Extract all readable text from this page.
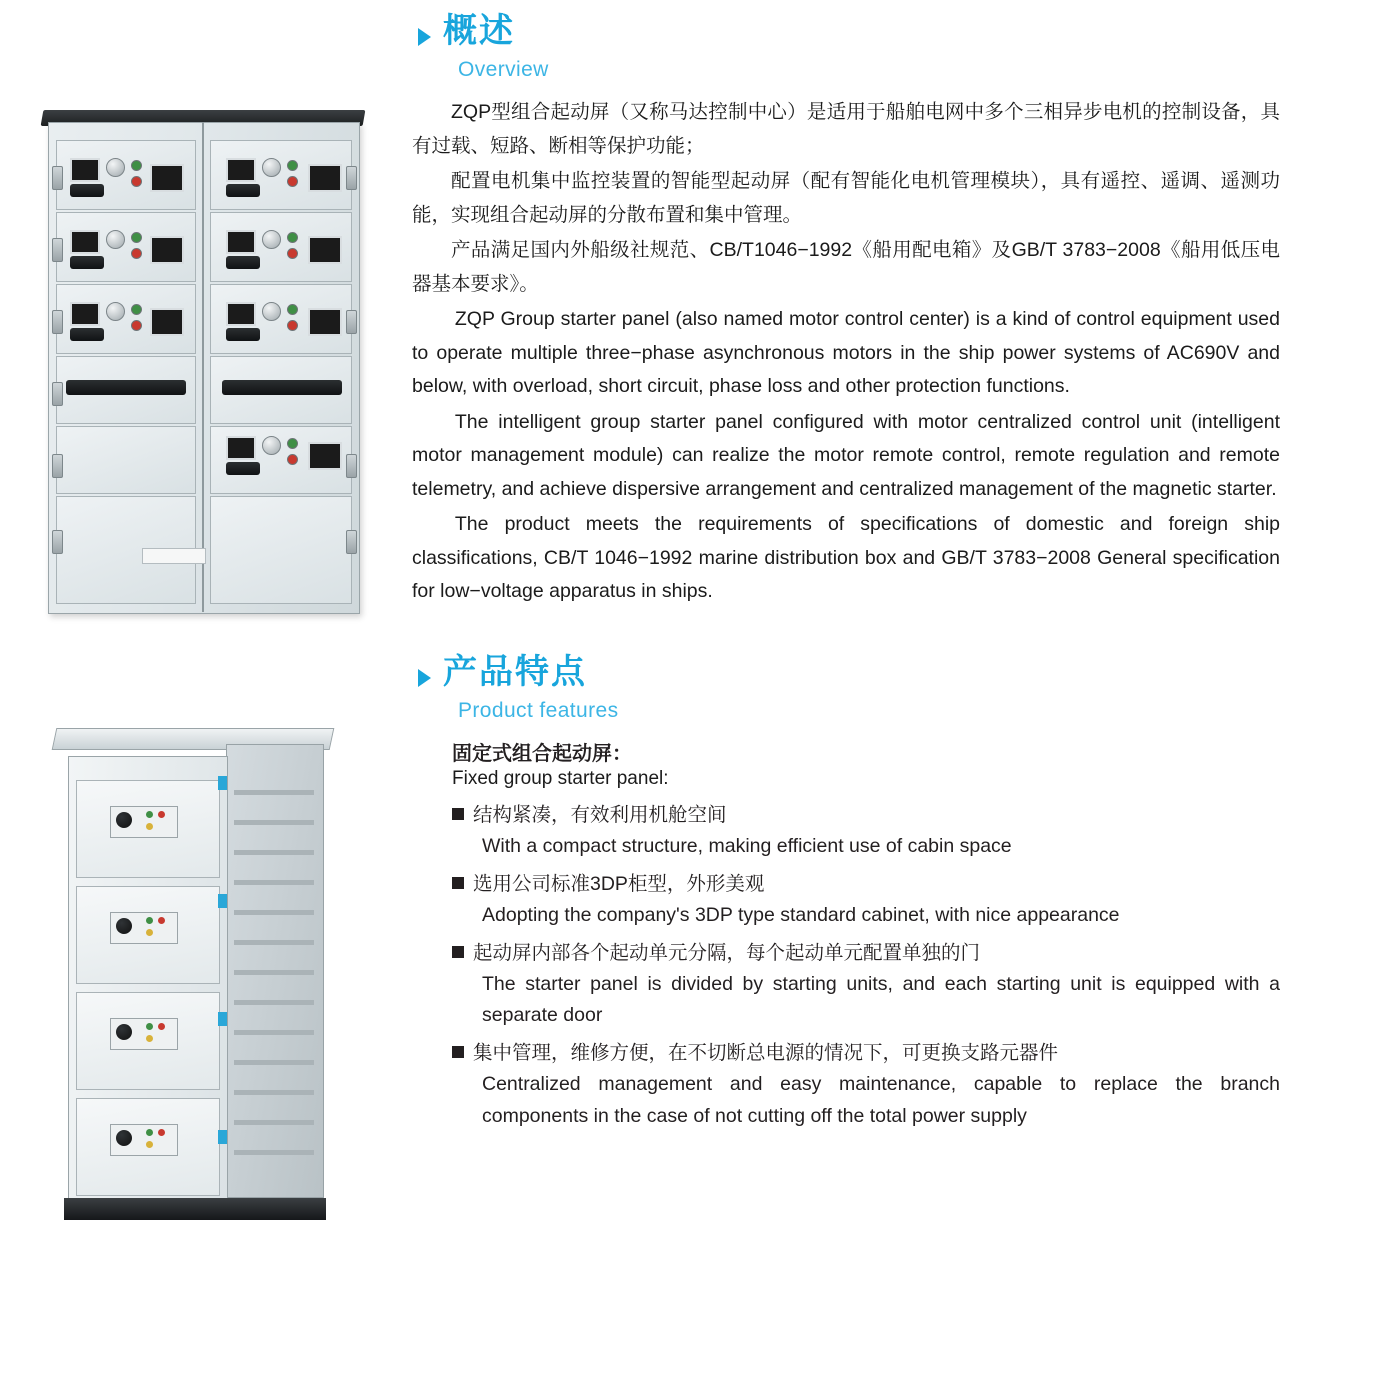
概述
Overview

ZQP型组合起动屏（又称马达控制中心）是适用于船舶电网中多个三相异步电机的控制设备，具有过载、短路、断相等保护功能；

配置电机集中监控装置的智能型起动屏（配有智能化电机管理模块），具有遥控、遥调、遥测功能，实现组合起动屏的分散布置和集中管理。

产品满足国内外船级社规范、CB/T1046−1992《船用配电箱》及GB/T 3783−2008《船用低压电器基本要求》。

ZQP Group starter panel (also named motor control center) is a kind of control equipment used to operate multiple three−phase asynchronous motors in the ship power systems of AC690V and below, with overload, short circuit, phase loss and other protection functions.

The intelligent group starter panel configured with motor centralized control unit (intelligent motor management module) can realize the motor remote control, remote regulation and remote telemetry, and achieve dispersive arrangement and centralized management of the magnetic starter.

The product meets the requirements of specifications of domestic and foreign ship classifications, CB/T 1046−1992 marine distribution box and GB/T 3783−2008 General specification for low−voltage apparatus in ships.

产品特点
Product features
固定式组合起动屏：
Fixed group starter panel:
结构紧凑，有效利用机舱空间
With a compact structure, making efficient use of cabin space
选用公司标准3DP柜型，外形美观
Adopting the company's 3DP type standard cabinet, with nice appearance
起动屏内部各个起动单元分隔，每个起动单元配置单独的门
The starter panel is divided by starting units, and each starting unit is equipped with a separate door
集中管理，维修方便，在不切断总电源的情况下，可更换支路元器件
Centralized management and easy maintenance, capable to replace the branch components in the case of not cutting off the total power supply
